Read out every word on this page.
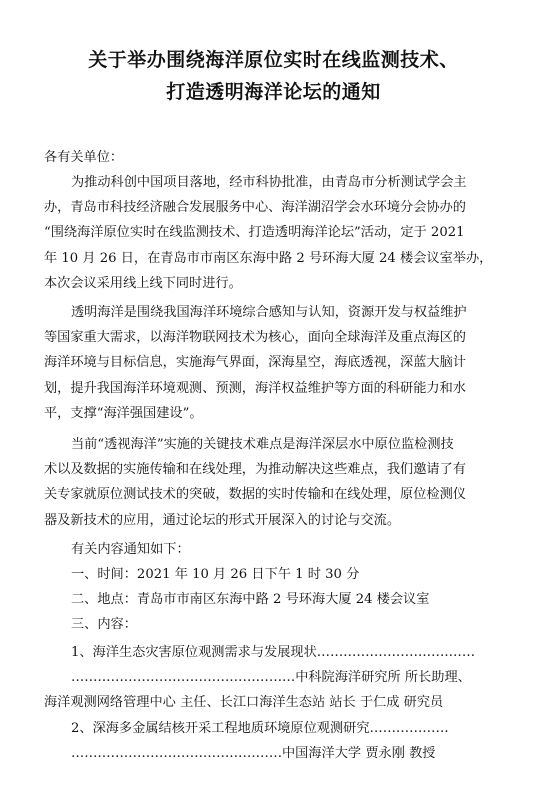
关于举办围绕海洋原位实时在线监测技术、
打造透明海洋论坛的通知
各有关单位：
为推动科创中国项目落地，经市科协批准，由青岛市分析测试学会主
办，青岛市科技经济融合发展服务中心、海洋湖沼学会水环境分会协办的
“围绕海洋原位实时在线监测技术、打造透明海洋论坛”活动，定于 2021
年 10 月 26 日，在青岛市市南区东海中路 2 号环海大厦 24 楼会议室举办，
本次会议采用线上线下同时进行。
透明海洋是围绕我国海洋环境综合感知与认知，资源开发与权益维护
等国家重大需求，以海洋物联网技术为核心，面向全球海洋及重点海区的
海洋环境与目标信息，实施海气界面，深海星空，海底透视，深蓝大脑计
划，提升我国海洋环境观测、预测，海洋权益维护等方面的科研能力和水
平，支撑“海洋强国建设”。
当前“透视海洋”实施的关键技术难点是海洋深层水中原位监检测技
术以及数据的实施传输和在线处理，为推动解决这些难点，我们邀请了有
关专家就原位测试技术的突破，数据的实时传输和在线处理，原位检测仪
器及新技术的应用，通过论坛的形式开展深入的讨论与交流。
有关内容通知如下：
一、时间：2021 年 10 月 26 日下午 1 时 30 分
二、地点：青岛市市南区东海中路 2 号环海大厦 24 楼会议室
三、内容：
1、海洋生态灾害原位观测需求与发展现状………………………………
……………………………………………中科院海洋研究所 所长助理、
海洋观测网络管理中心 主任、长江口海洋生态站 站长 于仁成 研究员
2、深海多金属结核开采工程地质环境原位观测研究………………
…………………………………………中国海洋大学 贾永刚 教授
